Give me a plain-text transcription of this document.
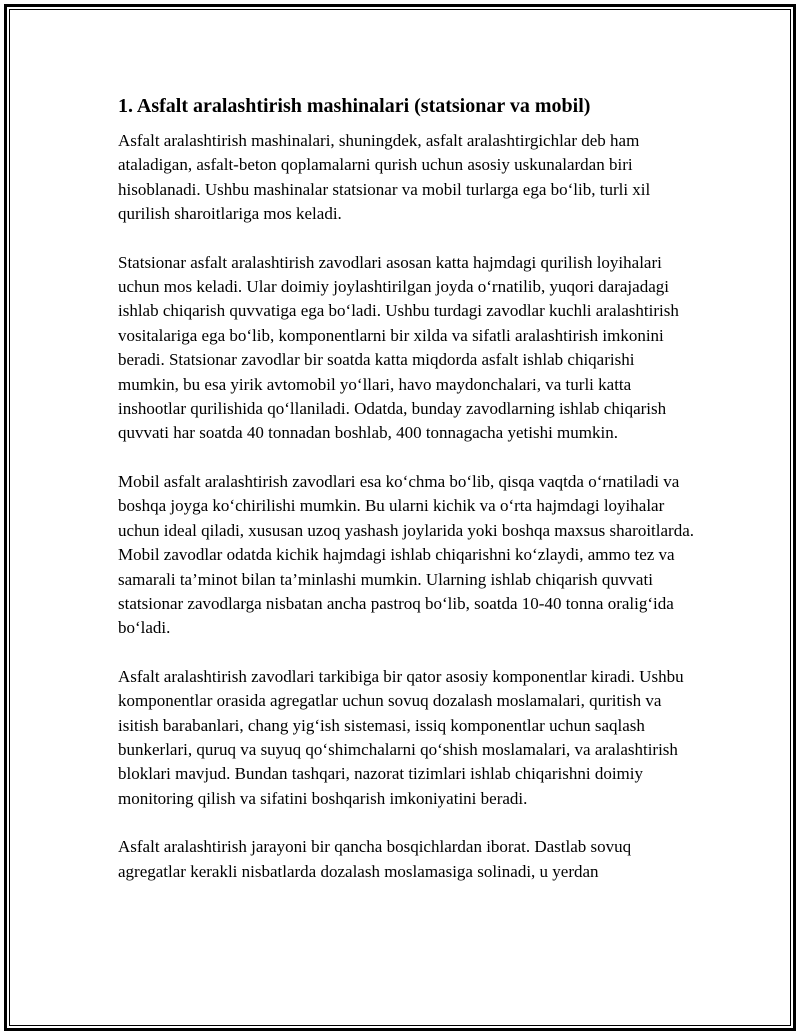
1. Asfalt aralashtirish mashinalari (statsionar va mobil)

Asfalt aralashtirish mashinalari, shuningdek, asfalt aralashtirgichlar deb ham ataladigan, asfalt-beton qoplamalarni qurish uchun asosiy uskunalardan biri hisoblanadi. Ushbu mashinalar statsionar va mobil turlarga ega bo‘lib, turli xil qurilish sharoitlariga mos keladi.

Statsionar asfalt aralashtirish zavodlari asosan katta hajmdagi qurilish loyihalari uchun mos keladi. Ular doimiy joylashtirilgan joyda o‘rnatilib, yuqori darajadagi ishlab chiqarish quvvatiga ega bo‘ladi. Ushbu turdagi zavodlar kuchli aralashtirish vositalariga ega bo‘lib, komponentlarni bir xilda va sifatli aralashtirish imkonini beradi. Statsionar zavodlar bir soatda katta miqdorda asfalt ishlab chiqarishi mumkin, bu esa yirik avtomobil yo‘llari, havo maydonchalari, va turli katta inshootlar qurilishida qo‘llaniladi. Odatda, bunday zavodlarning ishlab chiqarish quvvati har soatda 40 tonnadan boshlab, 400 tonnagacha yetishi mumkin.

Mobil asfalt aralashtirish zavodlari esa ko‘chma bo‘lib, qisqa vaqtda o‘rnatiladi va boshqa joyga ko‘chirilishi mumkin. Bu ularni kichik va o‘rta hajmdagi loyihalar uchun ideal qiladi, xususan uzoq yashash joylarida yoki boshqa maxsus sharoitlarda. Mobil zavodlar odatda kichik hajmdagi ishlab chiqarishni ko‘zlaydi, ammo tez va samarali ta’minot bilan ta’minlashi mumkin. Ularning ishlab chiqarish quvvati statsionar zavodlarga nisbatan ancha pastroq bo‘lib, soatda 10-40 tonna oralig‘ida bo‘ladi.

Asfalt aralashtirish zavodlari tarkibiga bir qator asosiy komponentlar kiradi. Ushbu komponentlar orasida agregatlar uchun sovuq dozalash moslamalari, quritish va isitish barabanlari, chang yig‘ish sistemasi, issiq komponentlar uchun saqlash bunkerlari, quruq va suyuq qo‘shimchalarni qo‘shish moslamalari, va aralashtirish bloklari mavjud. Bundan tashqari, nazorat tizimlari ishlab chiqarishni doimiy monitoring qilish va sifatini boshqarish imkoniyatini beradi.

Asfalt aralashtirish jarayoni bir qancha bosqichlardan iborat. Dastlab sovuq agregatlar kerakli nisbatlarda dozalash moslamasiga solinadi, u yerdan
